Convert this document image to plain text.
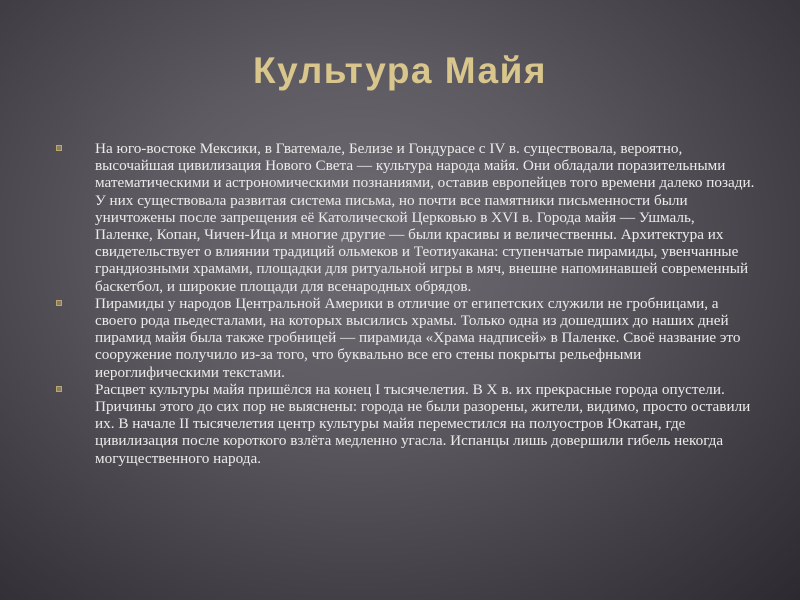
Культура Майя
На юго-востоке Мексики, в Гватемале, Белизе и Гондурасе с IV в. существовала, вероятно, высочайшая цивилизация Нового Света — культура народа майя. Они обладали поразительными математическими и астрономическими познаниями, оставив европейцев того времени далеко позади. У них существовала развитая система письма, но почти все памятники письменности были уничтожены после запрещения её Католической Церковью в XVI в. Города майя — Ушмаль, Паленке, Копан, Чичен-Ица и многие другие — были красивы и величественны. Архитектура их свидетельствует о влиянии традиций ольмеков и Теотиуакана: ступенчатые пирамиды, увенчанные грандиозными храмами, площадки для ритуальной игры в мяч, внешне напоминавшей современный баскетбол, и широкие площади для всенародных обрядов.
Пирамиды у народов Центральной Америки в отличие от египетских служили не гробницами, а своего рода пьедесталами, на которых высились храмы. Только одна из дошедших до наших дней пирамид майя была также гробницей — пирамида «Храма надписей» в Паленке. Своё название это сооружение получило из-за того, что буквально все его стены покрыты рельефными иероглифическими текстами.
Расцвет культуры майя пришёлся на конец I тысячелетия. В X в. их прекрасные города опустели. Причины этого до сих пор не выяснены: города не были разорены, жители, видимо, просто оставили их. В начале II тысячелетия центр культуры майя переместился на полуостров Юкатан, где цивилизация после короткого взлёта медленно угасла. Испанцы лишь довершили гибель некогда могущественного народа.
